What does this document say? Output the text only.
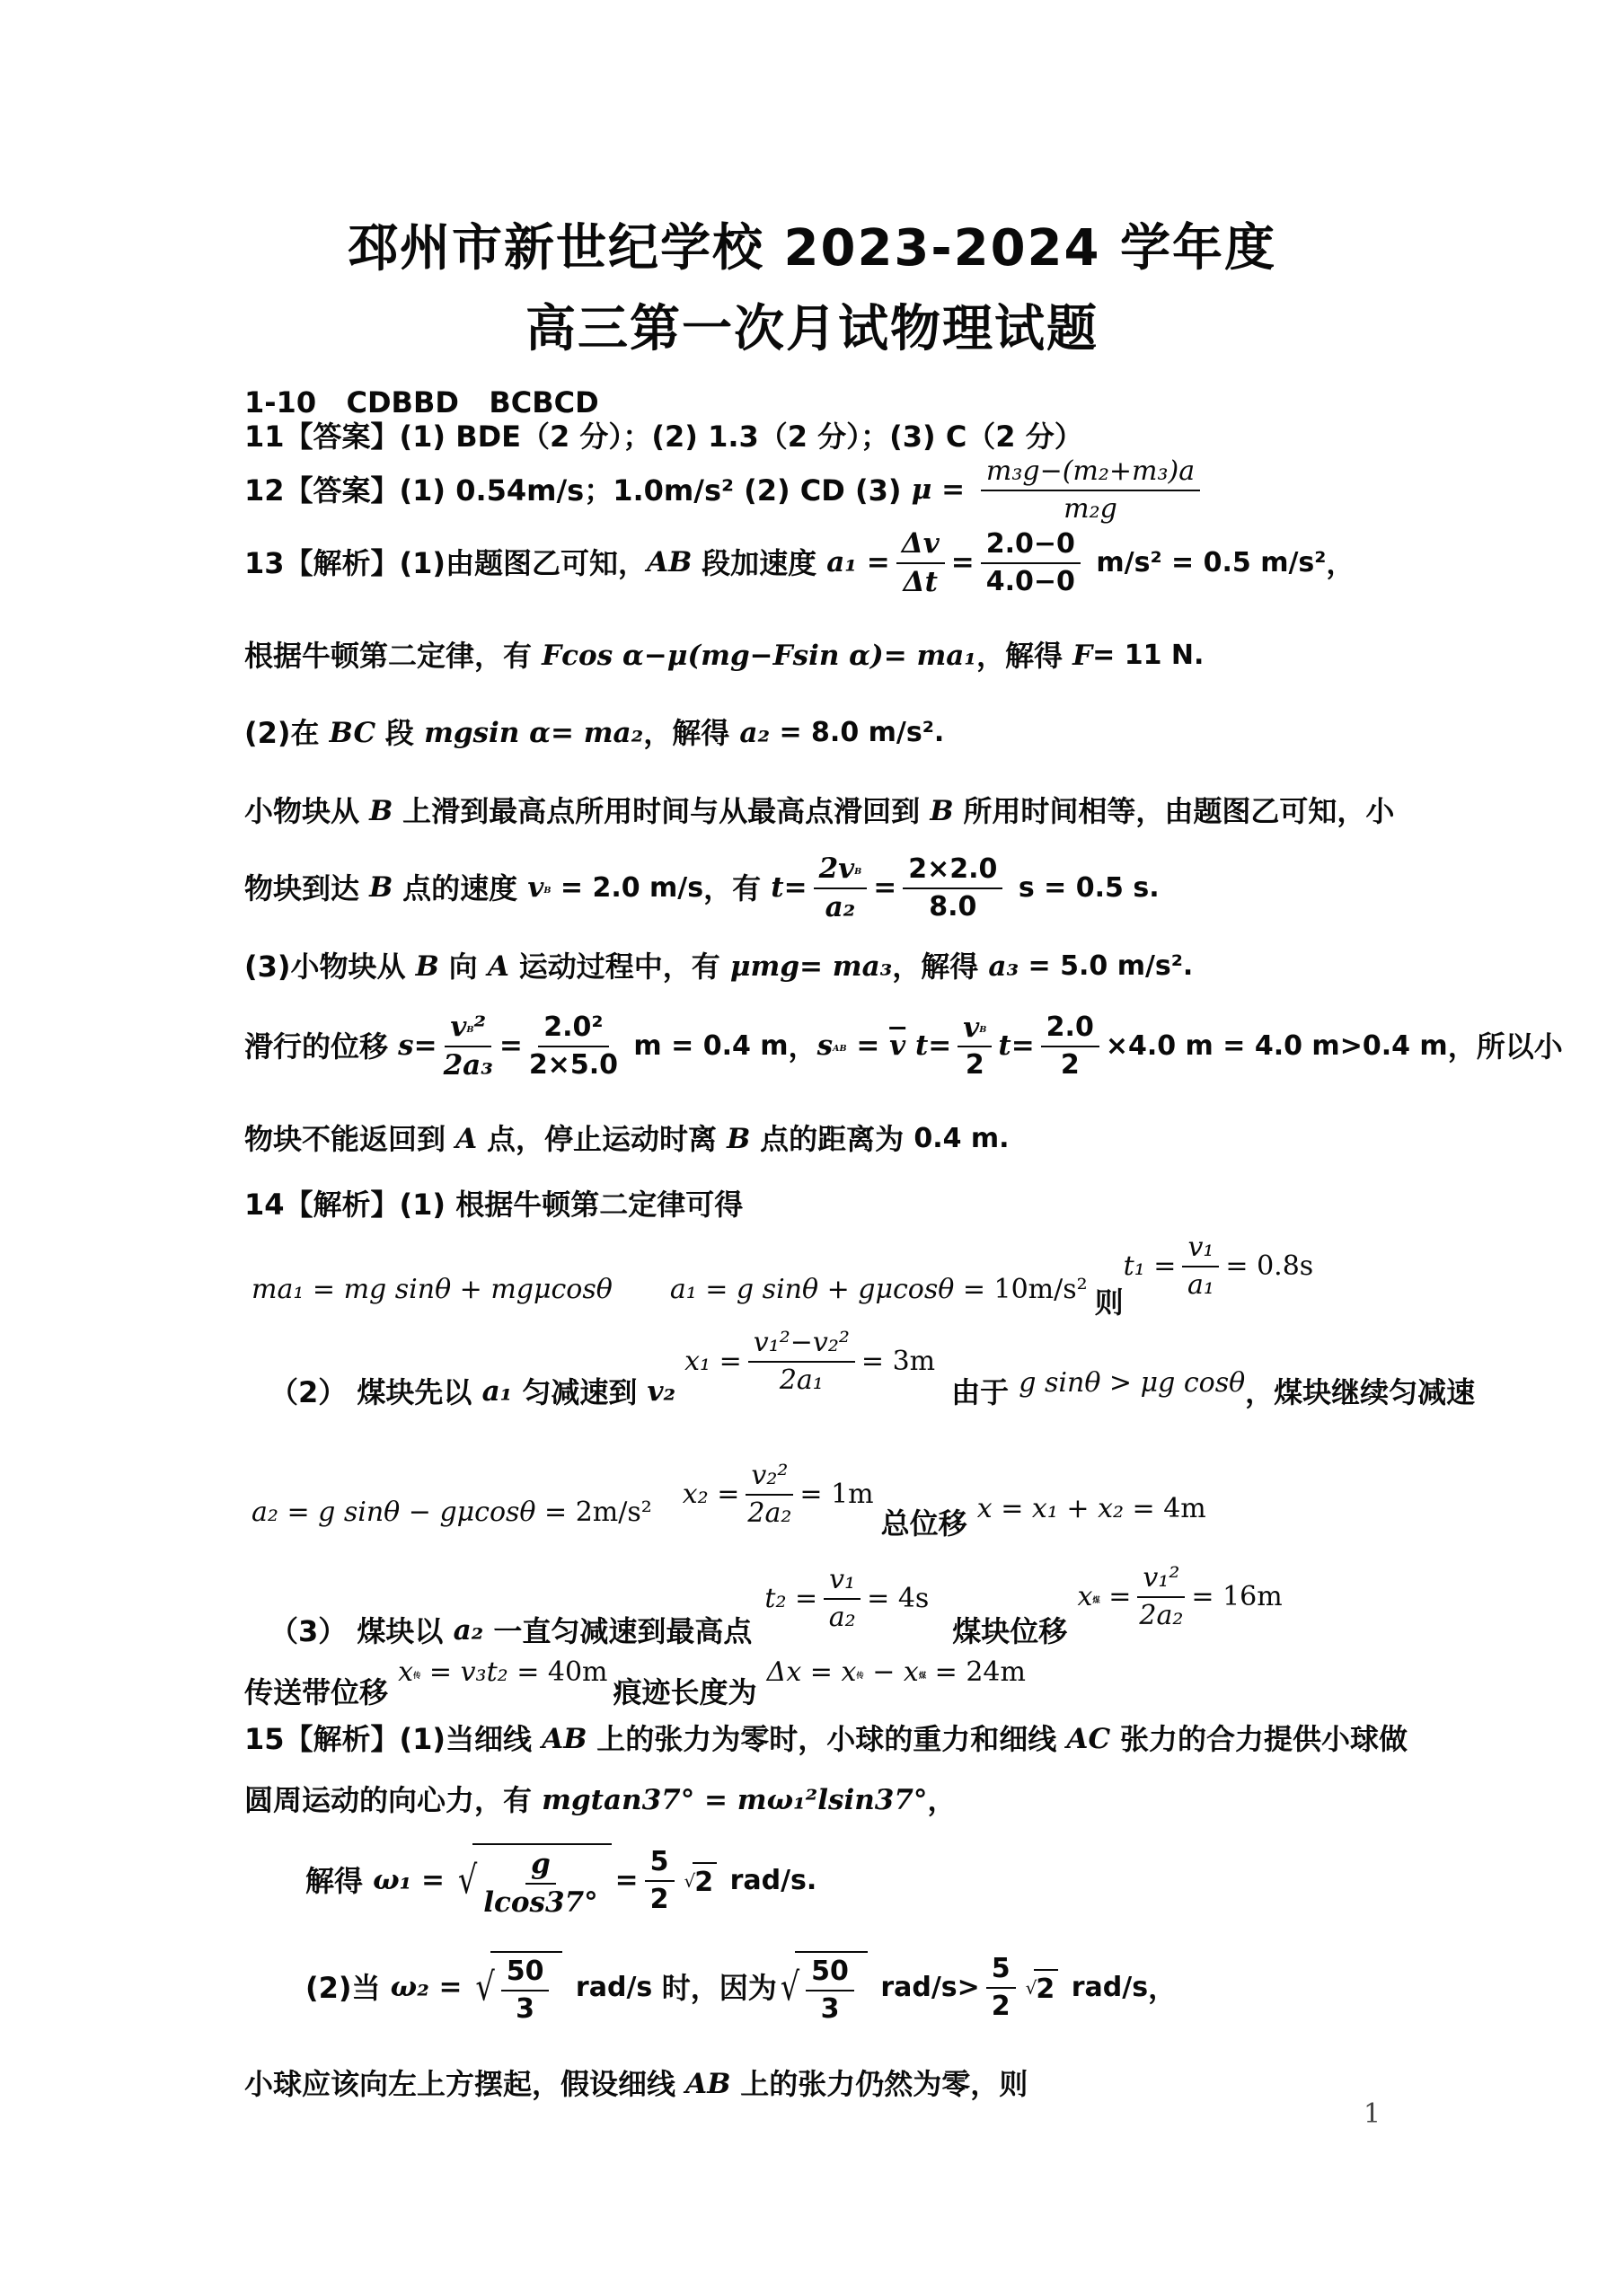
邳州市新世纪学校 2023-2024 学年度
高三第一次月试物理试题
1-10   CDBBD   BCBCD
11【答案】(1) BDE（2 分）；(2) 1.3（2 分）；(3) C（2 分）
12【答案】(1) 0.54m/s；1.0m/s² (2) CD (3) $\mu = \frac{\text{m₃g−(m₂+m₃)a}}{\text{m₂g}}$
13【解析】(1)由题图乙可知， AB 段加速度 $a_1 = \frac{\Delta v}{\Delta t} = \frac{2.0-0}{4.0-0} m/s^2 = 0.5$ m/s² ，
根据牛顿第二定律，有 Fcos α−μ(mg−Fsin α)= ma₁ ，解得 F = 11 N.
(2)在 BC 段 mgsin α= ma₂ ，解得 a₂ = 8.0 m/s².
小物块从 B 上滑到最高点所用时间与从最高点滑回到 B 所用时间相等，由题图乙可知，小
物块到达 B 点的速度 v B = 2.0 m/s ，有 $t= \frac{\text{2v B}}{\text{a₂}} = \frac{2\times 2.0}{8.0}$ s = 0.5 s.
(3)小物块从 B 向 A 运动过程中，有 μmg= ma₃ ，解得 a₃ = 5.0 m/s².
滑行的位移 $s= \frac{\text{v B ²}}{\text{2a₃}} = \frac{\text{2.0²}}{2\times 5.0}$ m = 0.4 m ， s AB = $\overline{v}$ $t= \frac{\text{v B}}{2} t= \frac{2.0}{2} \times 4.0$ m = 4.0 m>0.4 m ，所以小
物块不能返回到 A 点，停止运动时离 B 点的距离为 0.4 m.
14【解析】(1) 根据牛顿第二定律可得
ma₁ = mg sinθ + mgμcosθ a₁ = g sinθ + gμcosθ = 10m/s² 则
$t_1 = \frac{\text{v₁}}{\text{a₁}} = 0.8s$
（2） 煤块先以 a₁ 匀减速到 v₂
$x_1 = \frac{\text{v₁²−v₂²}}{\text{2a₁}} = 3m$
由于 g sinθ > μg cosθ ，煤块继续匀减速
a₂ = g sinθ − gμcosθ = 2m/s²
$x_2 = \frac{\text{v₂²}}{\text{2a₂}} = 1m$
总位移 x = x₁ + x₂ = 4m
（3） 煤块以 a₂ 一直匀减速到最高点
$t_2 = \frac{\text{v₁}}{\text{a₂}} = 4s$
煤块位移
x 煤 = $\frac{\text{v₁²}}{\text{2a₂}} = 16m$
传送带位移
x 传 = v₃t₂ = 40m
痕迹长度为
Δx = x 传 − x 煤 = 24m
15【解析】(1)当细线 AB 上的张力为零时，小球的重力和细线 AC 张力的合力提供小球做
圆周运动的向心力，有 mgtan37° = mω₁²lsin37° ，
解得 ω₁ = √ $\frac{g}{lcos37^\circ} = \frac{5}{2}$ √ 2 rad/s.
(2)当 ω₂ = √ $\frac{50}{3} rad/s$ 时，因为 √ $\frac{50}{3} rad/s> \frac{5}{2}$ √ 2 rad/s ，
小球应该向左上方摆起，假设细线 AB 上的张力仍然为零，则
1
